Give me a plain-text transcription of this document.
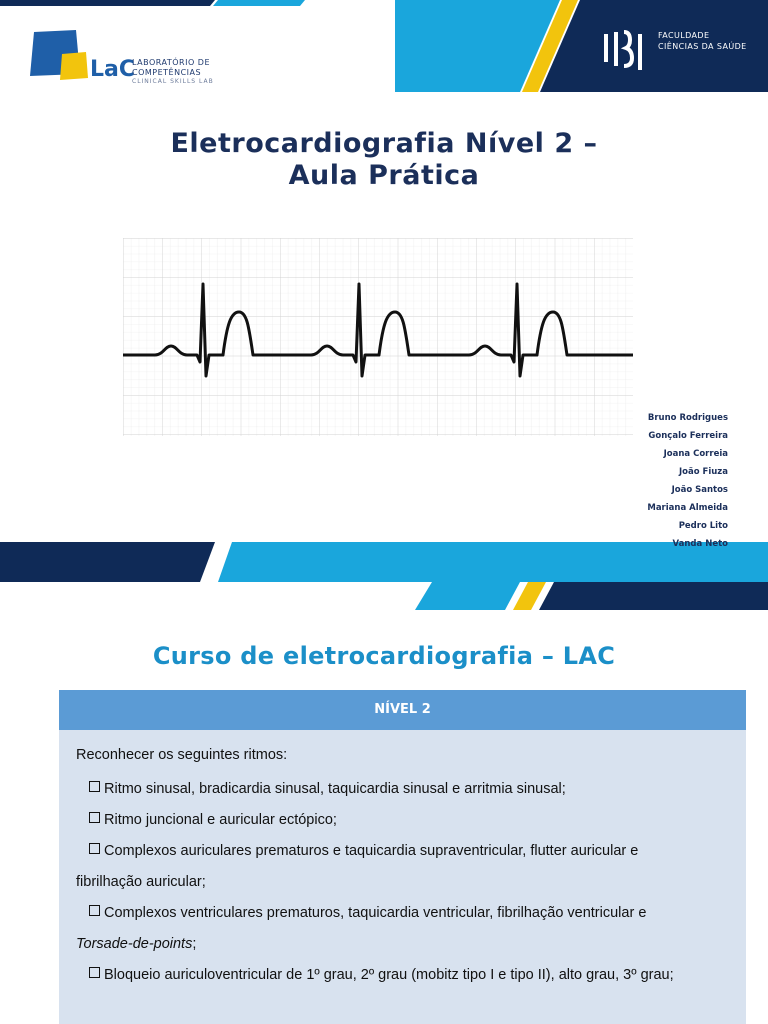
LaC
LABORATÓRIO DE
COMPETÊNCIAS
CLINICAL SKILLS LAB
FACULDADE
CIÊNCIAS DA SAÚDE
Eletrocardiografia Nível 2 –
Aula Prática
Bruno Rodrigues
Gonçalo Ferreira
Joana Correia
João Fiuza
João Santos
Mariana Almeida
Pedro Lito
Vanda Neto
Curso de eletrocardiografia – LAC
NÍVEL 2
Reconhecer os seguintes ritmos:
Ritmo sinusal, bradicardia sinusal, taquicardia sinusal e arritmia sinusal;
Ritmo juncional e auricular ectópico;
Complexos auriculares prematuros e taquicardia supraventricular, flutter auricular e
fibrilhação auricular;
Complexos ventriculares prematuros, taquicardia ventricular, fibrilhação ventricular e
Torsade-de-points;
Bloqueio auriculoventricular de 1º grau, 2º grau (mobitz tipo I e tipo II), alto grau, 3º grau;
